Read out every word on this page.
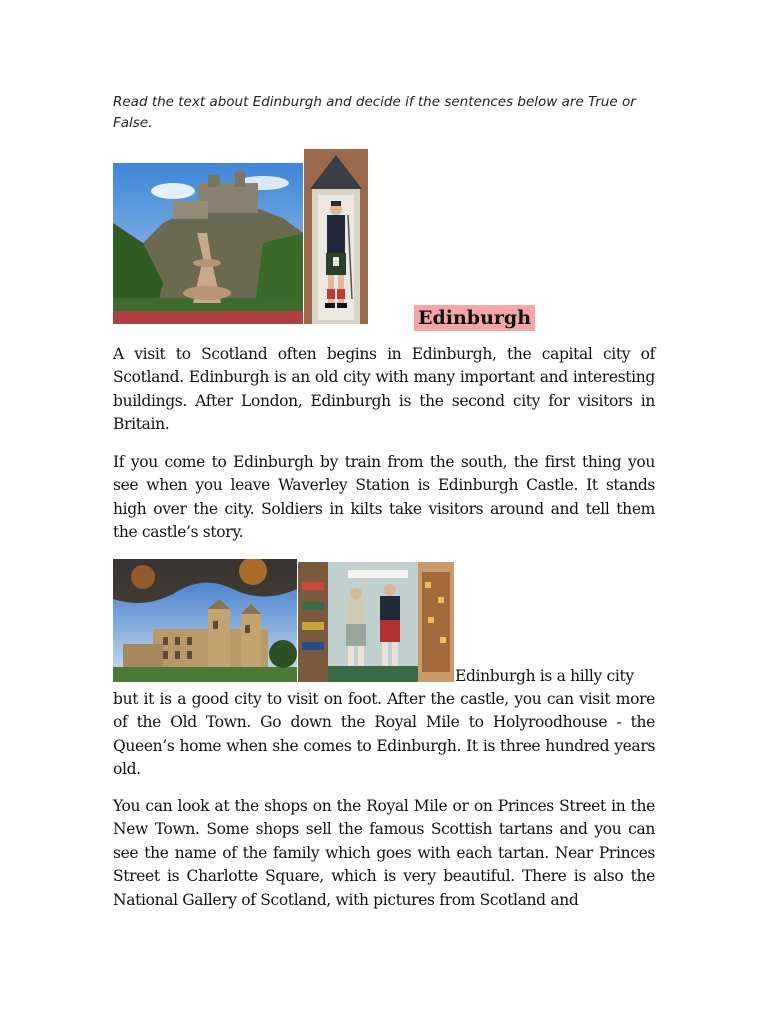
Read the text about Edinburgh and decide if the sentences below are True or False.
Edinburgh

A visit to Scotland often begins in Edinburgh, the capital city of Scotland. Edinburgh is an old city with many important and interesting buildings. After London, Edinburgh is the second city for visitors in Britain.

If you come to Edinburgh by train from the south, the first thing you see when you leave Waverley Station is Edinburgh Castle. It stands high over the city. Soldiers in kilts take visitors around and tell them the castle’s story.

Edinburgh is a hilly city

but it is a good city to visit on foot. After the castle, you can visit more of the Old Town. Go down the Royal Mile to Holyroodhouse - the Queen’s home when she comes to Edinburgh. It is three hundred years old.

You can look at the shops on the Royal Mile or on Princes Street in the New Town. Some shops sell the famous Scottish tartans and you can see the name of the family which goes with each tartan. Near Princes Street is Charlotte Square, which is very beautiful. There is also the National Gallery of Scotland, with pictures from Scotland and
